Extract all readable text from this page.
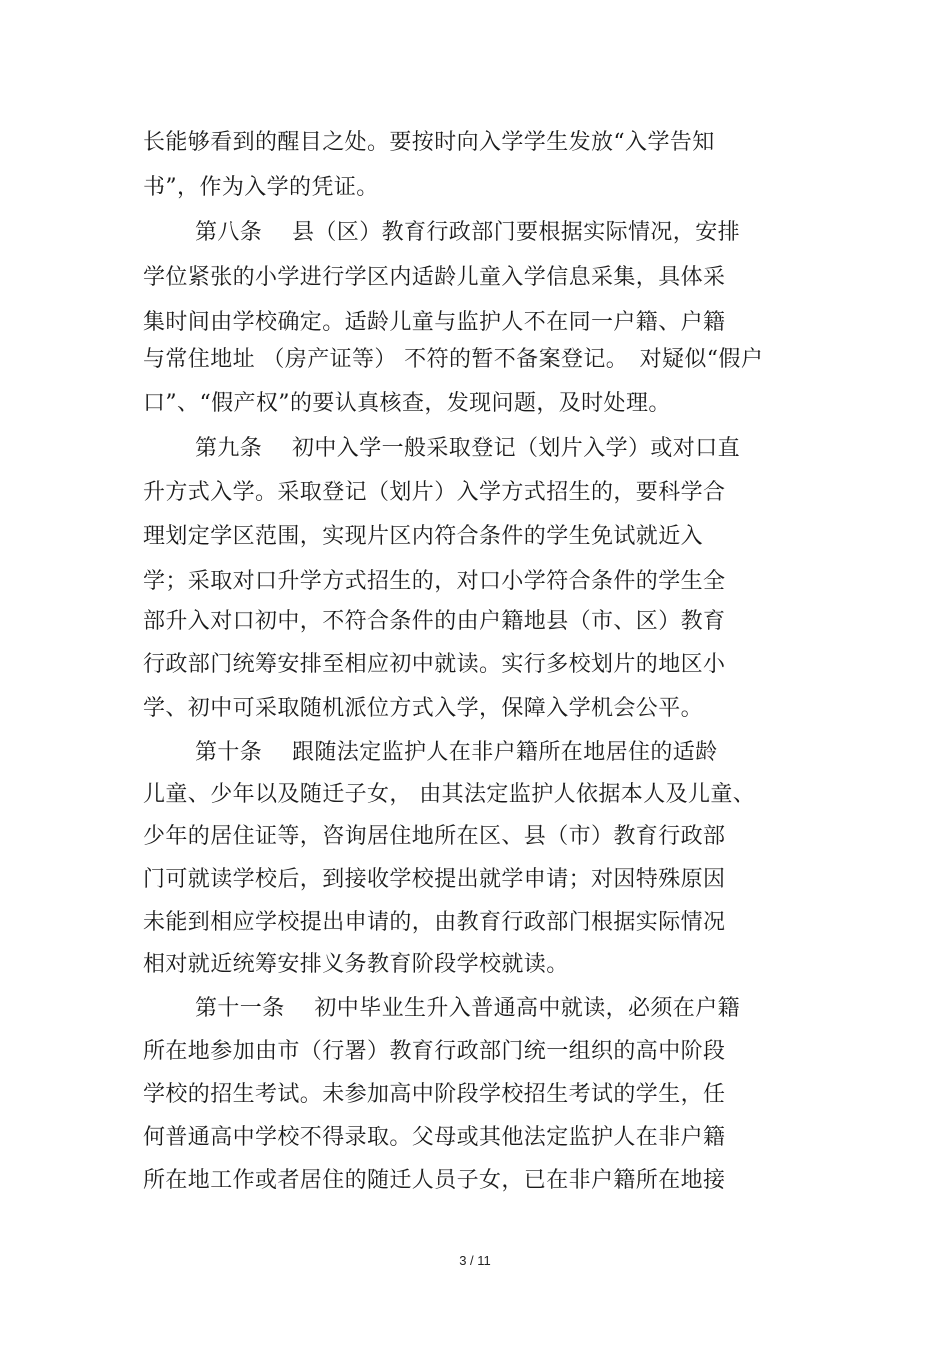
长能够看到的醒目之处。要按时向入学学生发放“入学告知
书”，作为入学的凭证。
第八条　 县（区）教育行政部门要根据实际情况，安排
学位紧张的小学进行学区内适龄儿童入学信息采集，具体采
集时间由学校确定。适龄儿童与监护人不在同一户籍、户籍
与常住地址 （房产证等） 不符的暂不备案登记。　对疑似“假户
口”、“假产权”的要认真核查，发现问题，及时处理。
第九条　 初中入学一般采取登记（划片入学）或对口直
升方式入学。采取登记（划片）入学方式招生的，要科学合
理划定学区范围，实现片区内符合条件的学生免试就近入
学；采取对口升学方式招生的，对口小学符合条件的学生全
部升入对口初中，不符合条件的由户籍地县（市、区）教育
行政部门统筹安排至相应初中就读。实行多校划片的地区小
学、初中可采取随机派位方式入学，保障入学机会公平。
第十条　 跟随法定监护人在非户籍所在地居住的适龄
儿童、少年以及随迁子女， 由其法定监护人依据本人及儿童、
少年的居住证等，咨询居住地所在区、县（市）教育行政部
门可就读学校后，到接收学校提出就学申请；对因特殊原因
未能到相应学校提出申请的，由教育行政部门根据实际情况
相对就近统筹安排义务教育阶段学校就读。
第十一条　 初中毕业生升入普通高中就读，必须在户籍
所在地参加由市（行署）教育行政部门统一组织的高中阶段
学校的招生考试。未参加高中阶段学校招生考试的学生，任
何普通高中学校不得录取。父母或其他法定监护人在非户籍
所在地工作或者居住的随迁人员子女，已在非户籍所在地接
3 / 11
